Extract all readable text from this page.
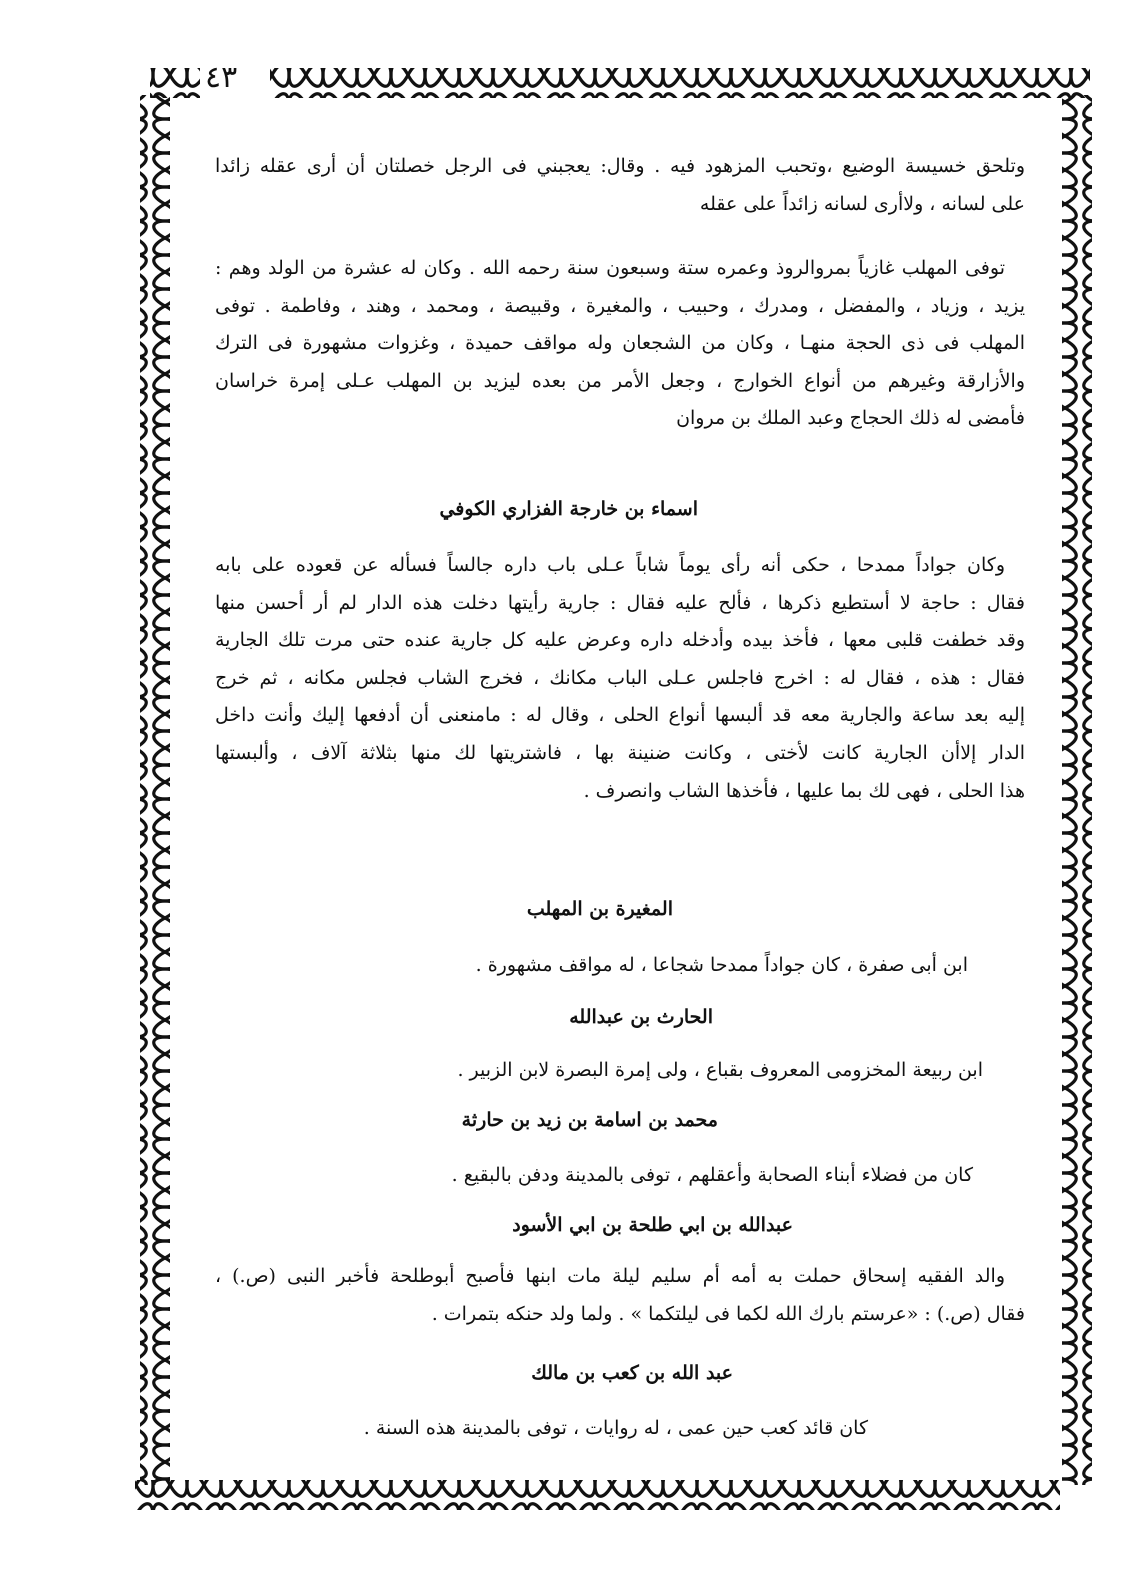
٤٣
وتلحق خسيسة الوضيع ،وتحبب المزهود فيه . وقال: يعجبني فى الرجل خصلتان أن أرى عقله زائدا
على لسانه ، ولاأرى لسانه زائداً على عقله
توفى المهلب غازياً بمروالروذ وعمره ستة وسبعون سنة رحمه الله . وكان له عشرة من الولد وهم :
يزيد ، وزياد ، والمفضل ، ومدرك ، وحبيب ، والمغيرة ، وقبيصة ، ومحمد ، وهند ، وفاطمة . توفى
المهلب فى ذى الحجة منهـا ، وكان من الشجعان وله مواقف حميدة ، وغزوات مشهورة فى الترك
والأزارقة وغيرهم من أنواع الخوارج ، وجعل الأمر من بعده ليزيد بن المهلب عـلى إمرة خراسان
فأمضى له ذلك الحجاج وعبد الملك بن مروان
اسماء بن خارجة الفزاري الكوفي
وكان جواداً ممدحا ، حكى أنه رأى يوماً شاباً عـلى باب داره جالساً فسأله عن قعوده على بابه
فقال : حاجة لا أستطيع ذكرها ، فألح عليه فقال : جارية رأيتها دخلت هذه الدار لم أر أحسن منها
وقد خطفت قلبى معها ، فأخذ بيده وأدخله داره وعرض عليه كل جارية عنده حتى مرت تلك الجارية
فقال : هذه ، فقال له : اخرج فاجلس عـلى الباب مكانك ، فخرج الشاب فجلس مكانه ، ثم خرج
إليه بعد ساعة والجارية معه قد ألبسها أنواع الحلى ، وقال له : مامنعنى أن أدفعها إليك وأنت داخل
الدار إلاأن الجارية كانت لأختى ، وكانت ضنينة بها ، فاشتريتها لك منها بثلاثة آلاف ، وألبستها
هذا الحلى ، فهى لك بما عليها ، فأخذها الشاب وانصرف .
المغيرة بن المهلب
ابن أبى صفرة ، كان جواداً ممدحا شجاعا ، له مواقف مشهورة .
الحارث بن عبدالله
ابن ربيعة المخزومى المعروف بقباع ، ولى إمرة البصرة لابن الزبير .
محمد بن اسامة بن زيد بن حارثة
كان من فضلاء أبناء الصحابة وأعقلهم ، توفى بالمدينة ودفن بالبقيع .
عبدالله بن ابي طلحة بن ابي الأسود
والد الفقيه إسحاق حملت به أمه أم سليم ليلة مات ابنها فأصبح أبوطلحة فأخبر النبى (ص.) ،
فقال (ص.) : «عرستم بارك الله لكما فى ليلتكما » . ولما ولد حنكه بتمرات .
عبد الله بن كعب بن مالك
كان قائد كعب حين عمى ، له روايات ، توفى بالمدينة هذه السنة .
